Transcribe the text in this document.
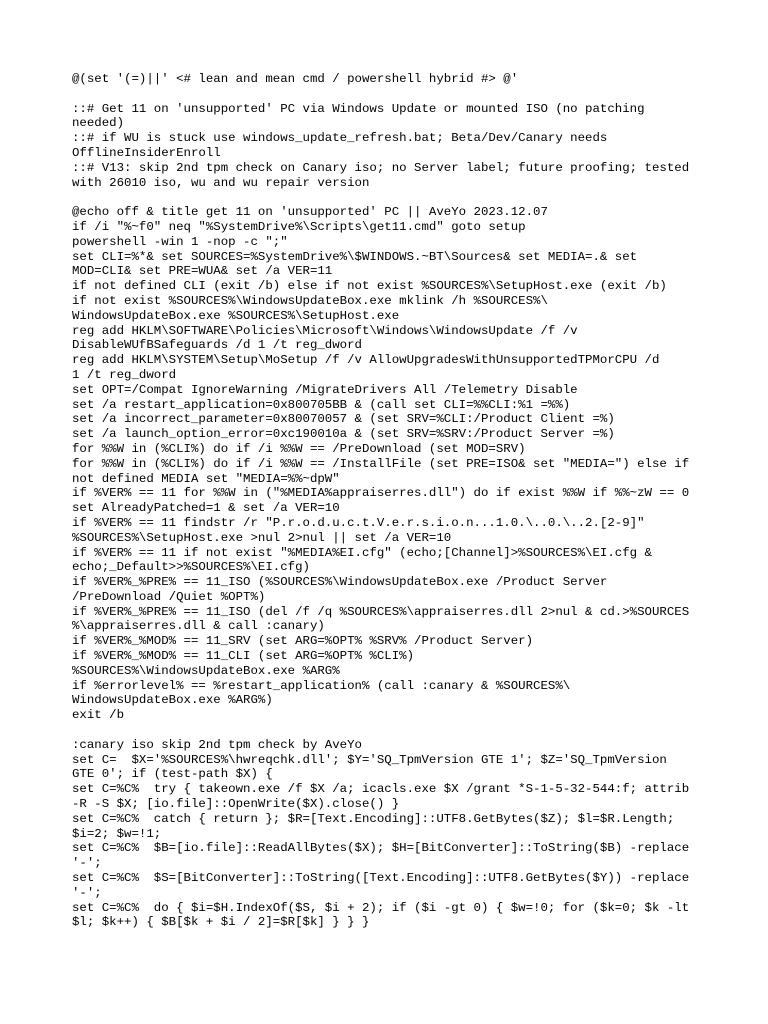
@(set '(=)||' <# lean and mean cmd / powershell hybrid #> @'
::# Get 11 on 'unsupported' PC via Windows Update or mounted ISO (no patching
needed)
::# if WU is stuck use windows_update_refresh.bat; Beta/Dev/Canary needs
OfflineInsiderEnroll
::# V13: skip 2nd tpm check on Canary iso; no Server label; future proofing; tested
with 26010 iso, wu and wu repair version
@echo off & title get 11 on 'unsupported' PC || AveYo 2023.12.07
if /i "%~f0" neq "%SystemDrive%\Scripts\get11.cmd" goto setup
powershell -win 1 -nop -c ";"
set CLI=%*& set SOURCES=%SystemDrive%\$WINDOWS.~BT\Sources& set MEDIA=.& set
MOD=CLI& set PRE=WUA& set /a VER=11
if not defined CLI (exit /b) else if not exist %SOURCES%\SetupHost.exe (exit /b)
if not exist %SOURCES%\WindowsUpdateBox.exe mklink /h %SOURCES%\
WindowsUpdateBox.exe %SOURCES%\SetupHost.exe
reg add HKLM\SOFTWARE\Policies\Microsoft\Windows\WindowsUpdate /f /v
DisableWUfBSafeguards /d 1 /t reg_dword
reg add HKLM\SYSTEM\Setup\MoSetup /f /v AllowUpgradesWithUnsupportedTPMorCPU /d
1 /t reg_dword
set OPT=/Compat IgnoreWarning /MigrateDrivers All /Telemetry Disable
set /a restart_application=0x800705BB & (call set CLI=%%CLI:%1 =%%)
set /a incorrect_parameter=0x80070057 & (set SRV=%CLI:/Product Client =%)
set /a launch_option_error=0xc190010a & (set SRV=%SRV:/Product Server =%)
for %%W in (%CLI%) do if /i %%W == /PreDownload (set MOD=SRV)
for %%W in (%CLI%) do if /i %%W == /InstallFile (set PRE=ISO& set "MEDIA=") else if
not defined MEDIA set "MEDIA=%%~dpW"
if %VER% == 11 for %%W in ("%MEDIA%appraiserres.dll") do if exist %%W if %%~zW == 0
set AlreadyPatched=1 & set /a VER=10
if %VER% == 11 findstr /r "P.r.o.d.u.c.t.V.e.r.s.i.o.n...1.0.\..0.\..2.[2-9]"
%SOURCES%\SetupHost.exe >nul 2>nul || set /a VER=10
if %VER% == 11 if not exist "%MEDIA%EI.cfg" (echo;[Channel]>%SOURCES%\EI.cfg &
echo;_Default>>%SOURCES%\EI.cfg)
if %VER%_%PRE% == 11_ISO (%SOURCES%\WindowsUpdateBox.exe /Product Server
/PreDownload /Quiet %OPT%)
if %VER%_%PRE% == 11_ISO (del /f /q %SOURCES%\appraiserres.dll 2>nul & cd.>%SOURCES
%\appraiserres.dll & call :canary)
if %VER%_%MOD% == 11_SRV (set ARG=%OPT% %SRV% /Product Server)
if %VER%_%MOD% == 11_CLI (set ARG=%OPT% %CLI%)
%SOURCES%\WindowsUpdateBox.exe %ARG%
if %errorlevel% == %restart_application% (call :canary & %SOURCES%\
WindowsUpdateBox.exe %ARG%)
exit /b
:canary iso skip 2nd tpm check by AveYo
set C=  $X='%SOURCES%\hwreqchk.dll'; $Y='SQ_TpmVersion GTE 1'; $Z='SQ_TpmVersion
GTE 0'; if (test-path $X) {
set C=%C%  try { takeown.exe /f $X /a; icacls.exe $X /grant *S-1-5-32-544:f; attrib
-R -S $X; [io.file]::OpenWrite($X).close() }
set C=%C%  catch { return }; $R=[Text.Encoding]::UTF8.GetBytes($Z); $l=$R.Length;
$i=2; $w=!1;
set C=%C%  $B=[io.file]::ReadAllBytes($X); $H=[BitConverter]::ToString($B) -replace
'-';
set C=%C%  $S=[BitConverter]::ToString([Text.Encoding]::UTF8.GetBytes($Y)) -replace
'-';
set C=%C%  do { $i=$H.IndexOf($S, $i + 2); if ($i -gt 0) { $w=!0; for ($k=0; $k -lt
$l; $k++) { $B[$k + $i / 2]=$R[$k] } } }
